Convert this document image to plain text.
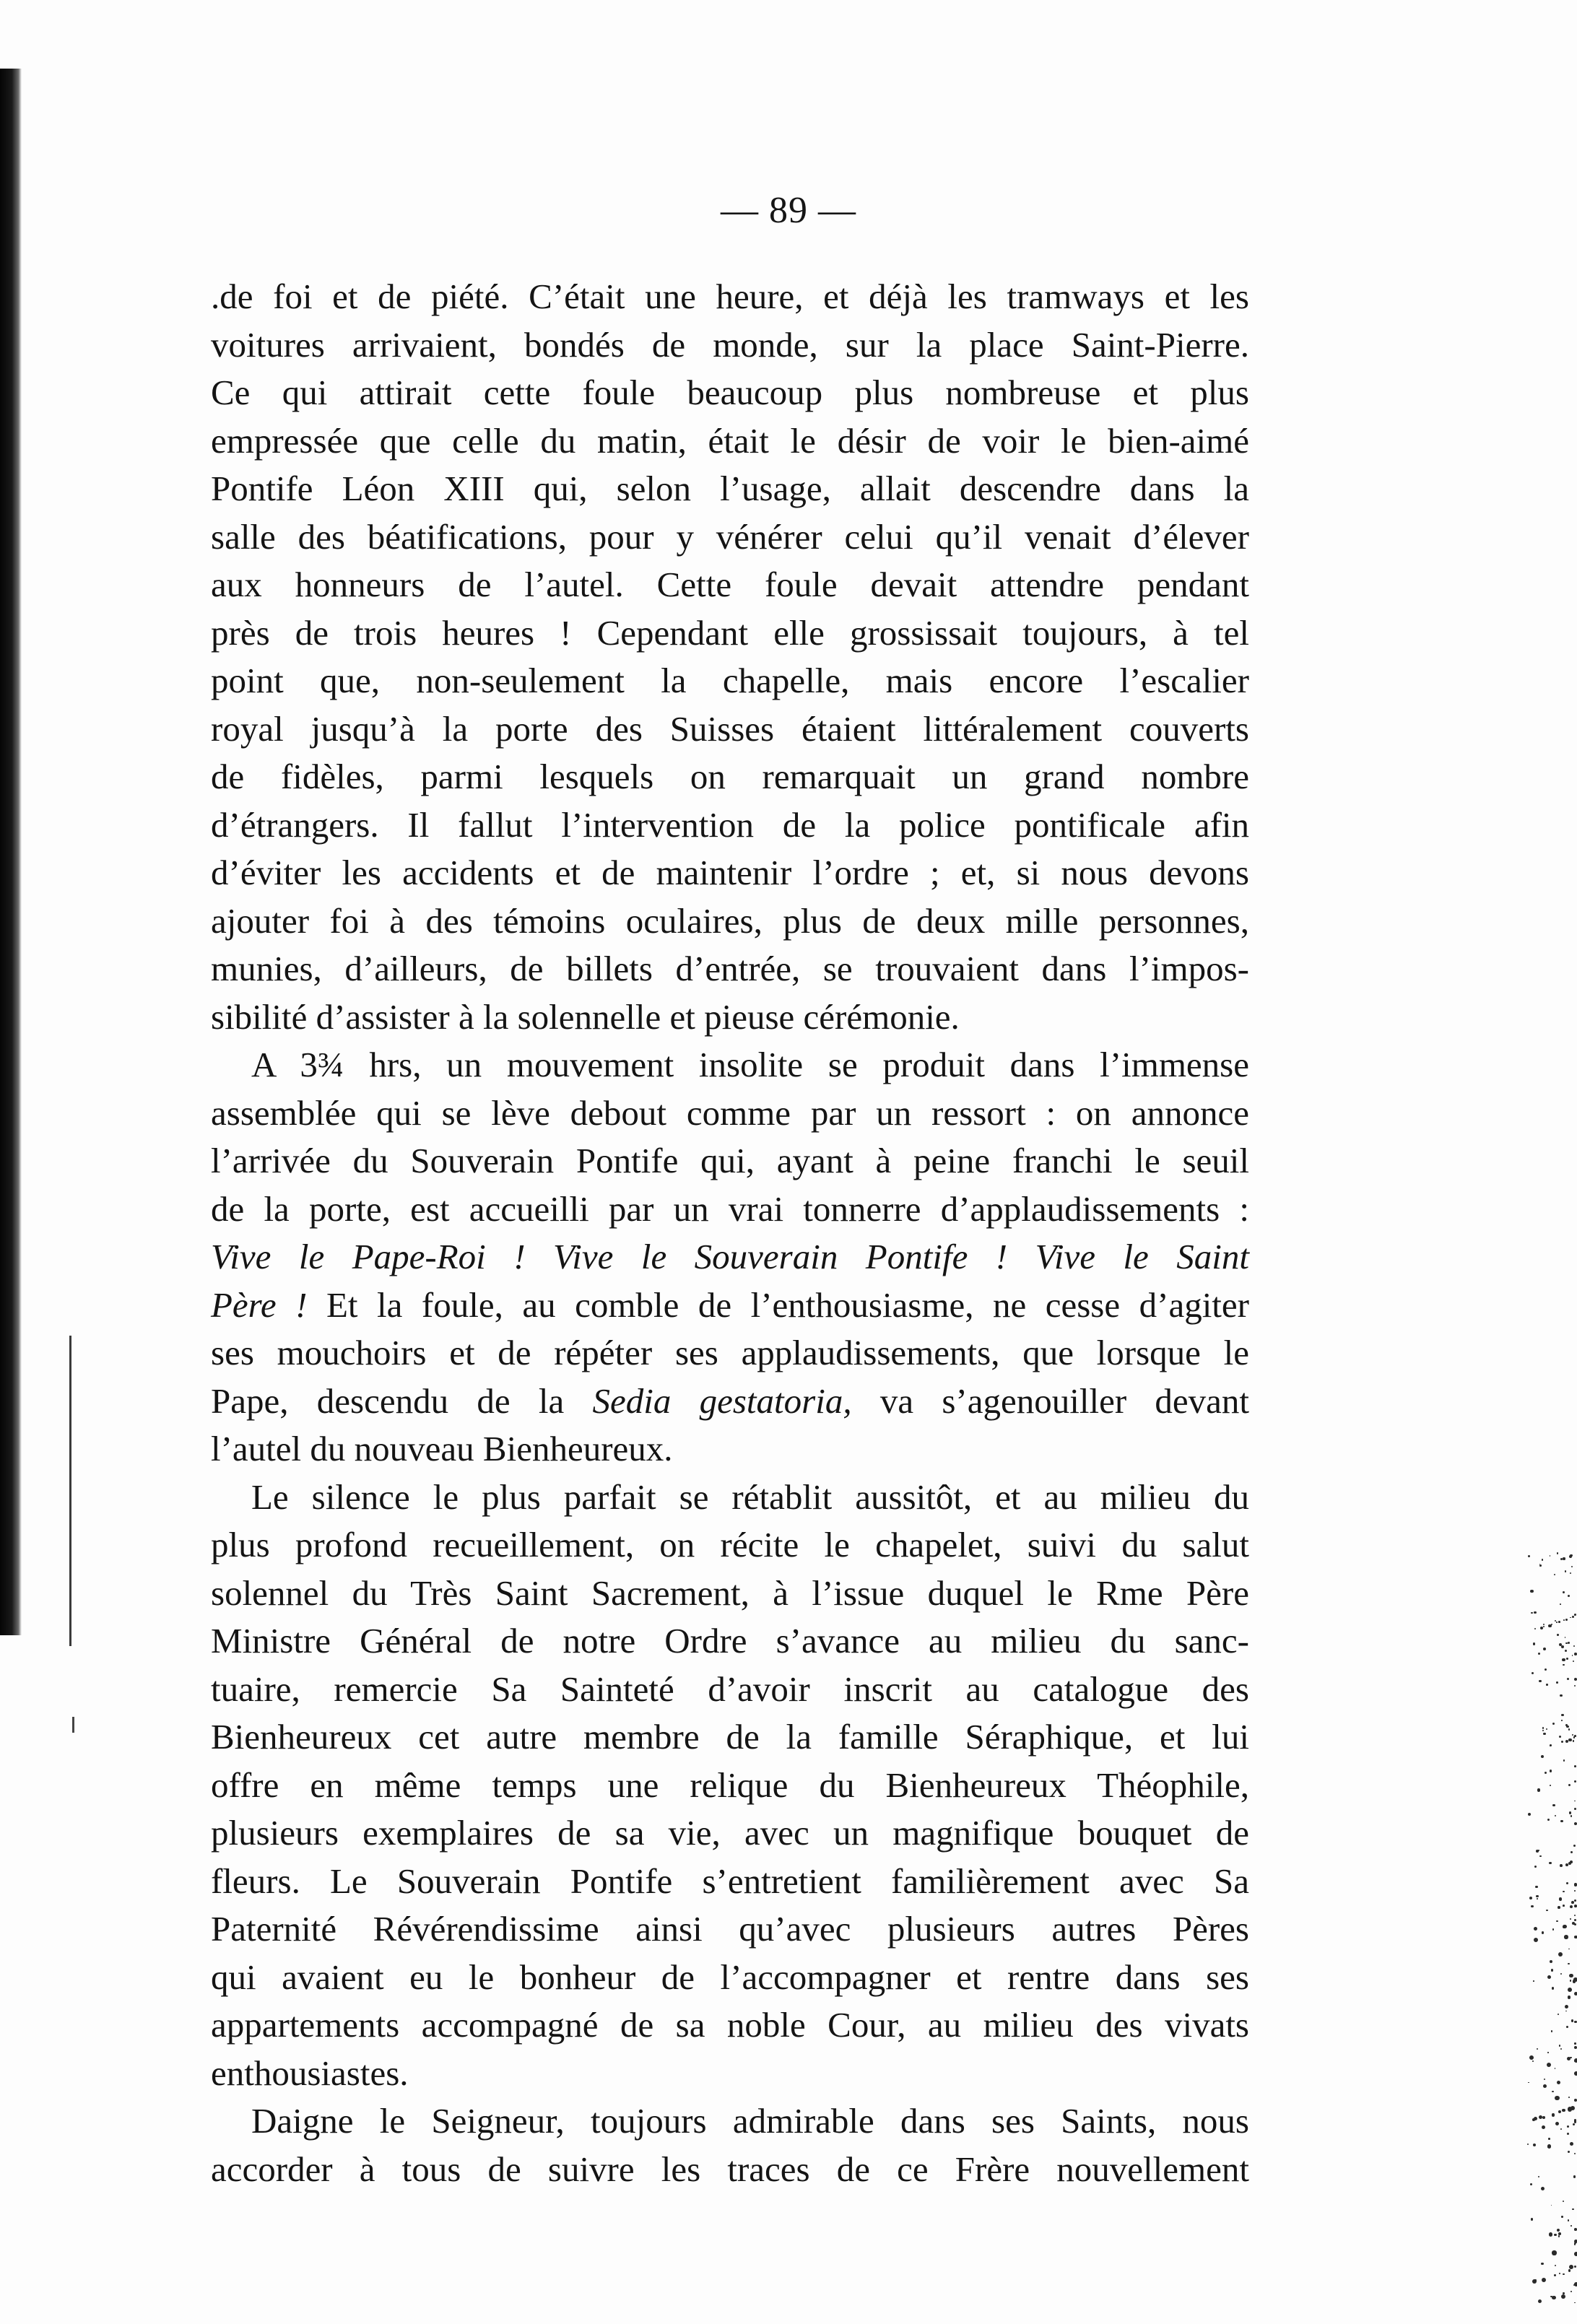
— 89 —
.de foi et de piété. C’était une heure, et déjà les tramways et les
voitures arrivaient, bondés de monde, sur la place Saint-Pierre.
Ce qui attirait cette foule beaucoup plus nombreuse et plus
empressée que celle du matin, était le désir de voir le bien-aimé
Pontife Léon XIII qui, selon l’usage, allait descendre dans la
salle des béatifications, pour y vénérer celui qu’il venait d’élever
aux honneurs de l’autel. Cette foule devait attendre pendant
près de trois heures ! Cependant elle grossissait toujours, à tel
point que, non-seulement la chapelle, mais encore l’escalier
royal jusqu’à la porte des Suisses étaient littéralement couverts
de fidèles, parmi lesquels on remarquait un grand nombre
d’étrangers. Il fallut l’intervention de la police pontificale afin
d’éviter les accidents et de maintenir l’ordre ; et, si nous devons
ajouter foi à des témoins oculaires, plus de deux mille personnes,
munies, d’ailleurs, de billets d’entrée, se trouvaient dans l’impos-
sibilité d’assister à la solennelle et pieuse cérémonie.
A 3¾ hrs, un mouvement insolite se produit dans l’immense
assemblée qui se lève debout comme par un ressort : on annonce
l’arrivée du Souverain Pontife qui, ayant à peine franchi le seuil
de la porte, est accueilli par un vrai tonnerre d’applaudissements :
Vive le Pape-Roi ! Vive le Souverain Pontife ! Vive le Saint
Père ! Et la foule, au comble de l’enthousiasme, ne cesse d’agiter
ses mouchoirs et de répéter ses applaudissements, que lorsque le
Pape, descendu de la Sedia gestatoria, va s’agenouiller devant
l’autel du nouveau Bienheureux.
Le silence le plus parfait se rétablit aussitôt, et au milieu du
plus profond recueillement, on récite le chapelet, suivi du salut
solennel du Très Saint Sacrement, à l’issue duquel le Rme Père
Ministre Général de notre Ordre s’avance au milieu du sanc-
tuaire, remercie Sa Sainteté d’avoir inscrit au catalogue des
Bienheureux cet autre membre de la famille Séraphique, et lui
offre en même temps une relique du Bienheureux Théophile,
plusieurs exemplaires de sa vie, avec un magnifique bouquet de
fleurs. Le Souverain Pontife s’entretient familièrement avec Sa
Paternité Révérendissime ainsi qu’avec plusieurs autres Pères
qui avaient eu le bonheur de l’accompagner et rentre dans ses
appartements accompagné de sa noble Cour, au milieu des vivats
enthousiastes.
Daigne le Seigneur, toujours admirable dans ses Saints, nous
accorder à tous de suivre les traces de ce Frère nouvellement
